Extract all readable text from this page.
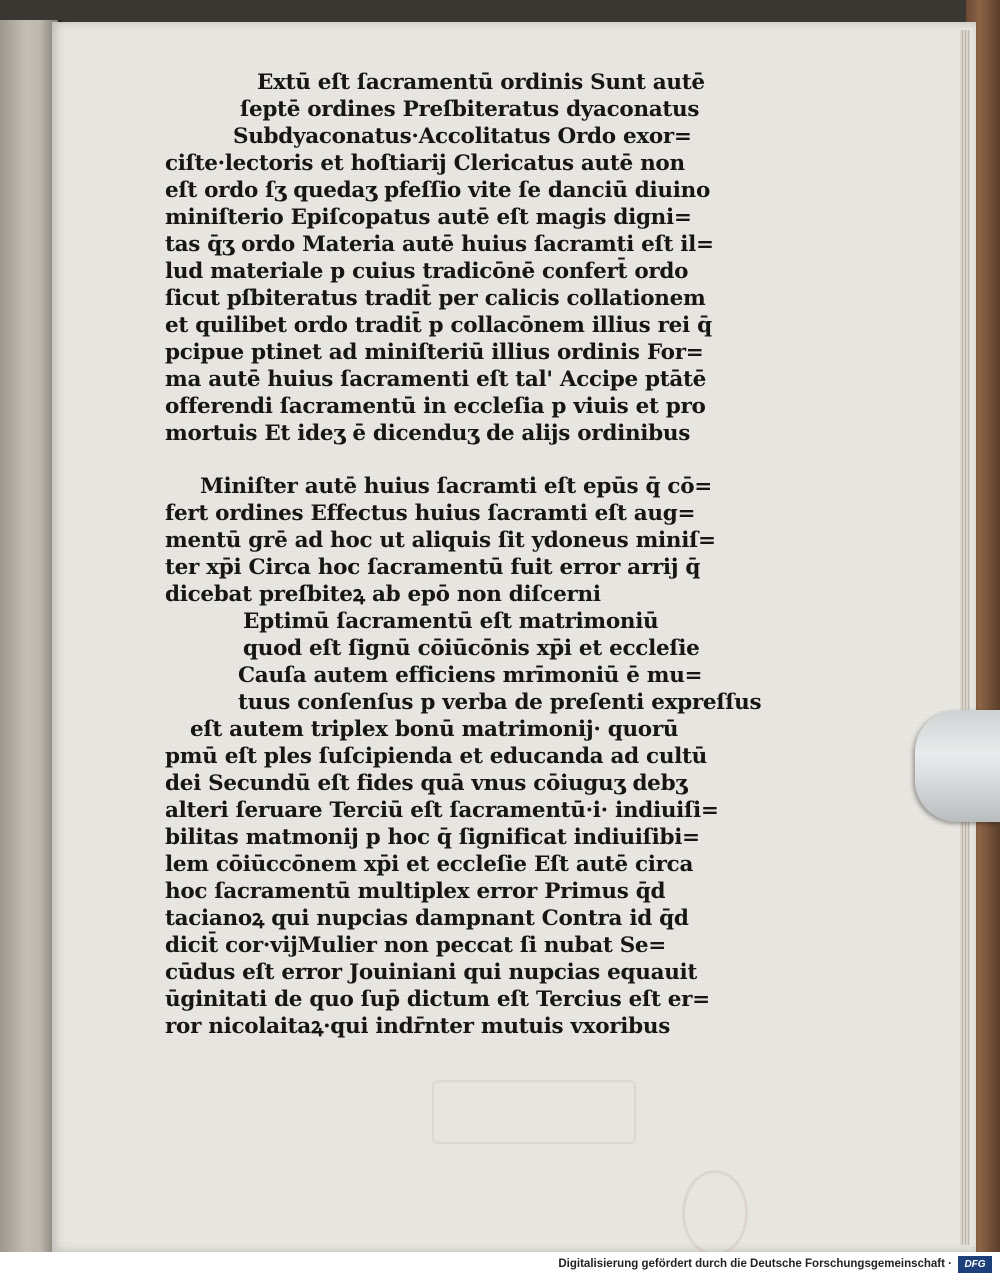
Extū eſt ſacramentū ordinis Sunt autē
ſeptē ordines Preſbiteratus dyaconatus
Subdyaconatus·Accolitatus Ordo exor=
ciſte·lectoris et hoſtiarij Clericatus autē non
eſt ordo ſʒ quedaʒ pfeſſio vite ſe danciū diuino
miniſterio Epiſcopatus autē eſt magis digni=
tas q̄ʒ ordo Materia autē huius ſacramti eſt il=
lud materiale p cuius tradicōnē confert̄ ordo
ſicut pſbiteratus tradit̄ per calicis collationem
et quilibet ordo tradit̄ p collacōnem illius rei q̄
pcipue ptinet ad miniſteriū illius ordinis For=
ma autē huius ſacramenti eſt tal' Accipe ptātē
offerendi ſacramentū in eccleſia p viuis et pro
mortuis Et ideʒ ē dicenduʒ de alijs ordinibus
Miniſter autē huius ſacramti eſt epūs q̄ cō=
fert ordines Effectus huius ſacramti eſt aug=
mentū grē ad hoc ut aliquis ſit ydoneus miniſ=
ter xp̄i Circa hoc ſacramentū fuit error arrij q̄
dicebat preſbiteꝝ ab epō non diſcerni
Eptimū ſacramentū eſt matrimoniū
quod eſt ſignū cōiūcōnis xp̄i et eccleſie
Cauſa autem efficiens mrīmoniū ē mu=
tuus conſenſus p verba de preſenti expreſſus
eſt autem triplex bonū matrimonij· quorū
pmū eſt ples ſuſcipienda et educanda ad cultū
dei Secundū eſt fides quā vnus cōiuguʒ debʒ
alteri ſeruare Terciū eſt ſacramentū·i· indiuiſi=
bilitas matmonij p hoc q̄ ſignificat indiuiſibi=
lem cōiūccōnem xp̄i et eccleſie Eſt autē circa
hoc ſacramentū multiplex error Primus q̄d
tacianoꝝ qui nupcias dampnant Contra id q̄d
dicit̄ cor·vijMulier non peccat ſi nubat Se=
cūdus eſt error Jouiniani qui nupcias equauit
ūginitati de quo ſup̄ dictum eſt Tercius eſt er=
ror nicolaitaꝝ·qui indr̄nter mutuis vxoribus
Digitalisierung gefördert durch die Deutsche Forschungsgemeinschaft ·	DFG
